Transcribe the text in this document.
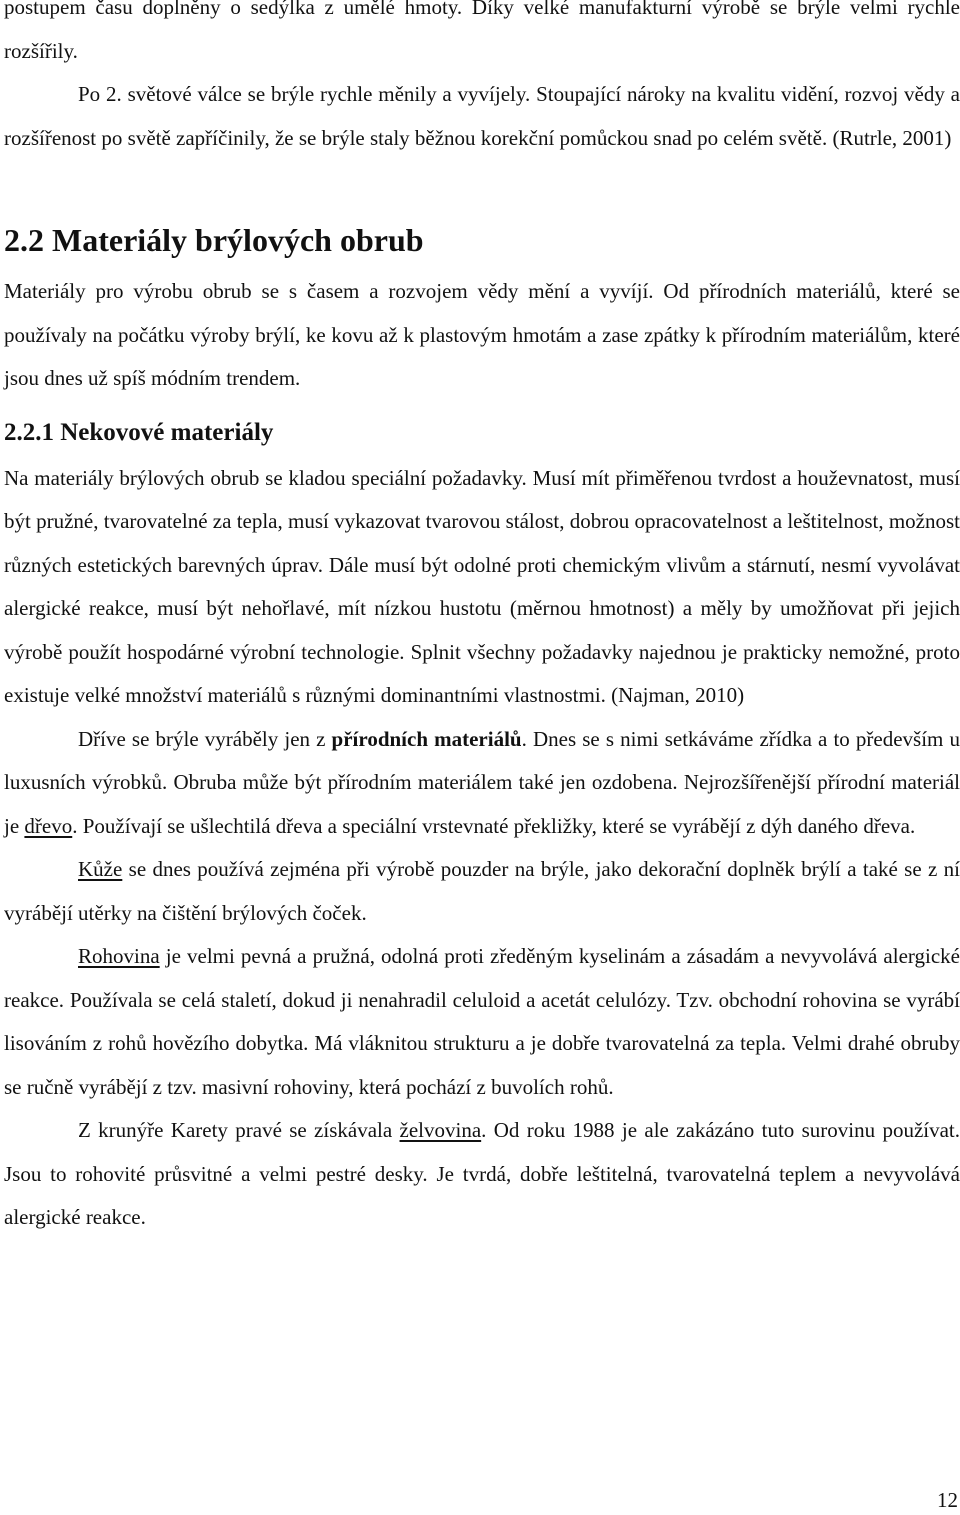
postupem času doplněny o sedýlka z umělé hmoty. Díky velké manufakturní výrobě se brýle velmi rychle rozšířily.

Po 2. světové válce se brýle rychle měnily a vyvíjely. Stoupající nároky na kvalitu vidění, rozvoj vědy a rozšířenost po světě zapříčinily, že se brýle staly běžnou korekční pomůckou snad po celém světě. (Rutrle, 2001)

2.2 Materiály brýlových obrub

Materiály pro výrobu obrub se s časem a rozvojem vědy mění a vyvíjí. Od přírodních materiálů, které se používaly na počátku výroby brýlí, ke kovu až k plastovým hmotám a zase zpátky k přírodním materiálům, které jsou dnes už spíš módním trendem.

2.2.1 Nekovové materiály

Na materiály brýlových obrub se kladou speciální požadavky. Musí mít přiměřenou tvrdost a houževnatost, musí být pružné, tvarovatelné za tepla, musí vykazovat tvarovou stálost, dobrou opracovatelnost a leštitelnost, možnost různých estetických barevných úprav. Dále musí být odolné proti chemickým vlivům a stárnutí, nesmí vyvolávat alergické reakce, musí být nehořlavé, mít nízkou hustotu (měrnou hmotnost) a měly by umožňovat při jejich výrobě použít hospodárné výrobní technologie. Splnit všechny požadavky najednou je prakticky nemožné, proto existuje velké množství materiálů s různými dominantními vlastnostmi. (Najman, 2010)

Dříve se brýle vyráběly jen z přírodních materiálů. Dnes se s nimi setkáváme zřídka a to především u luxusních výrobků. Obruba může být přírodním materiálem také jen ozdobena. Nejrozšířenější přírodní materiál je dřevo. Používají se ušlechtilá dřeva a speciální vrstevnaté překližky, které se vyrábějí z dýh daného dřeva.

Kůže se dnes používá zejména při výrobě pouzder na brýle, jako dekorační doplněk brýlí a také se z ní vyrábějí utěrky na čištění brýlových čoček.

Rohovina je velmi pevná a pružná, odolná proti zředěným kyselinám a zásadám a nevyvolává alergické reakce. Používala se celá staletí, dokud ji nenahradil celuloid a acetát celulózy. Tzv. obchodní rohovina se vyrábí lisováním z rohů hovězího dobytka. Má vláknitou strukturu a je dobře tvarovatelná za tepla. Velmi drahé obruby se ručně vyrábějí z tzv. masivní rohoviny, která pochází z buvolích rohů.

Z krunýře Karety pravé se získávala želvovina. Od roku 1988 je ale zakázáno tuto surovinu používat. Jsou to rohovité průsvitné a velmi pestré desky. Je tvrdá, dobře leštitelná, tvarovatelná teplem a nevyvolává alergické reakce.

12
